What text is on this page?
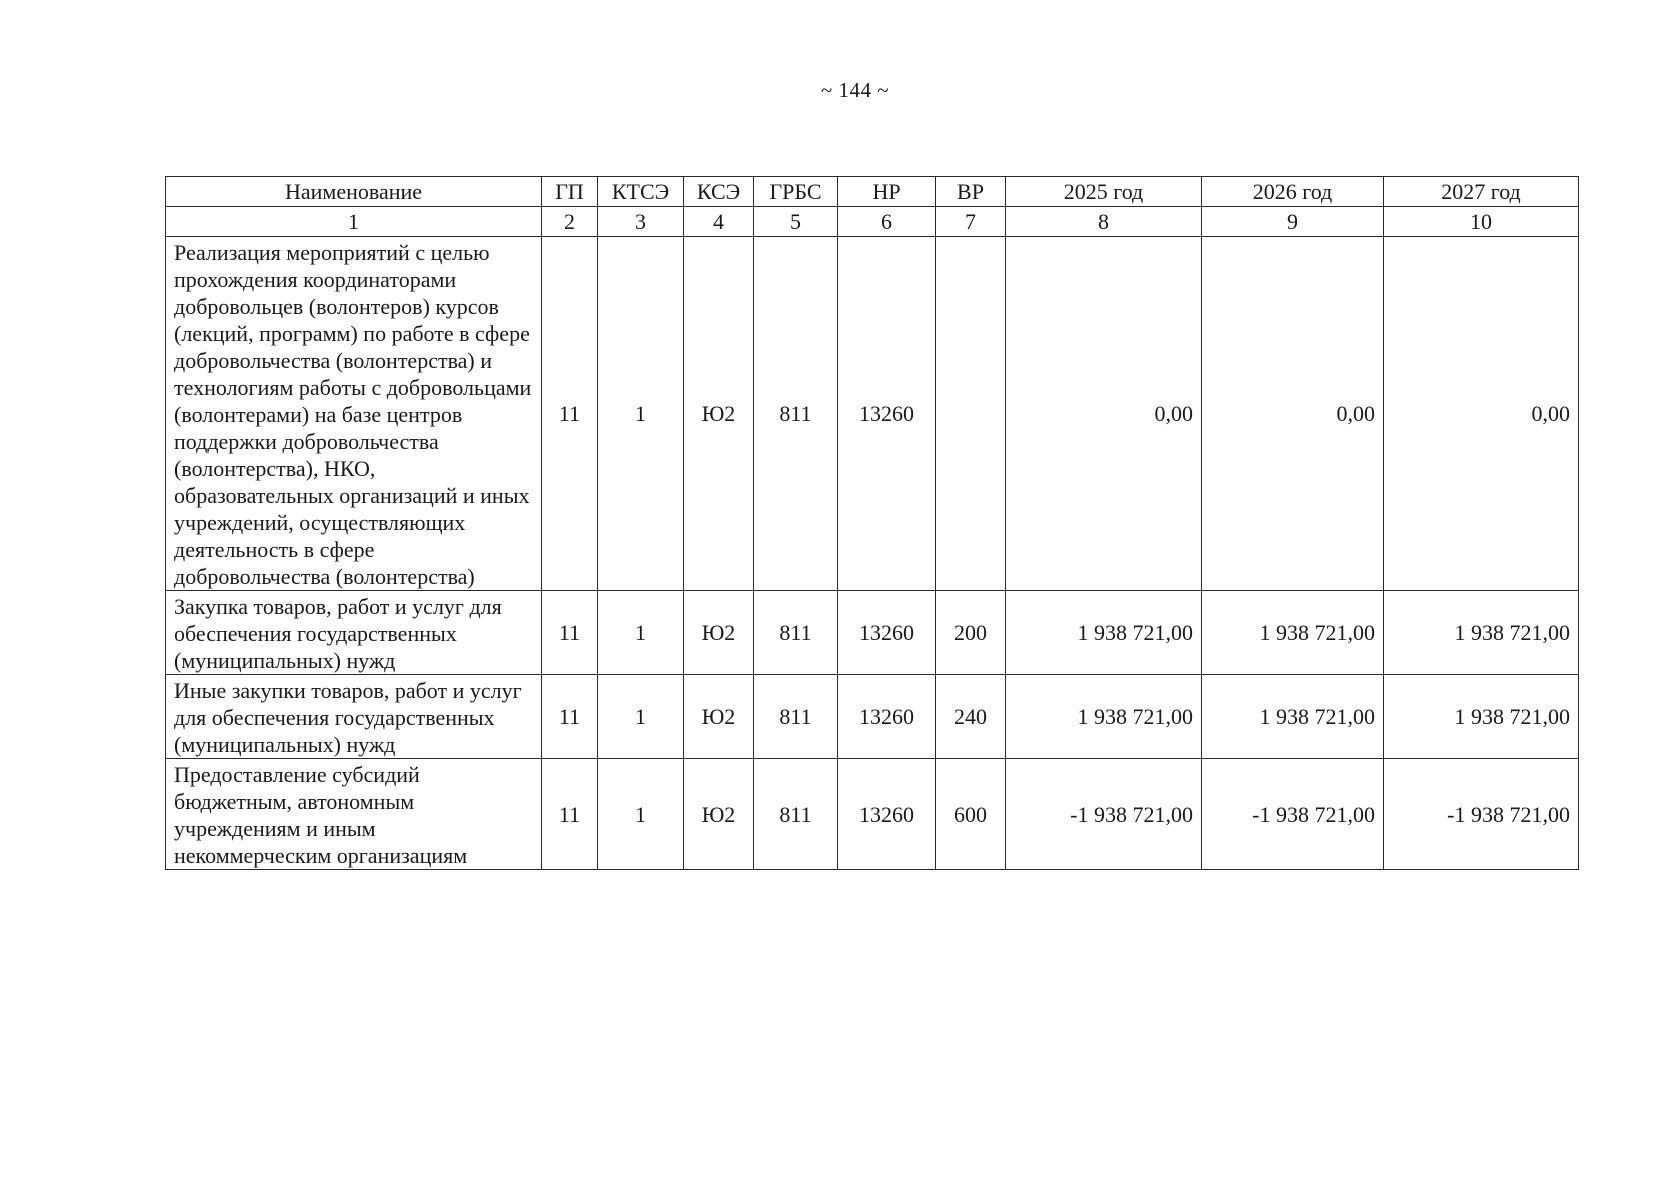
~ 144 ~
Наименование	ГП	КТСЭ	КСЭ	ГРБС	НР	ВР	2025 год	2026 год	2027 год
1	2	3	4	5	6	7	8	9	10
Реализация мероприятий с целью прохождения координаторами добровольцев (волонтеров) курсов (лекций, программ) по работе в сфере добровольчества (волонтерства) и технологиям работы с добровольцами (волонтерами) на базе центров поддержки добровольчества (волонтерства), НКО, образовательных организаций и иных учреждений, осуществляющих деятельность в сфере добровольчества (волонтерства)	11	1	Ю2	811	13260		0,00	0,00	0,00
Закупка товаров, работ и услуг для обеспечения государственных (муниципальных) нужд	11	1	Ю2	811	13260	200	1 938 721,00	1 938 721,00	1 938 721,00
Иные закупки товаров, работ и услуг для обеспечения государственных (муниципальных) нужд	11	1	Ю2	811	13260	240	1 938 721,00	1 938 721,00	1 938 721,00
Предоставление субсидий бюджетным, автономным учреждениям и иным некоммерческим организациям	11	1	Ю2	811	13260	600	-1 938 721,00	-1 938 721,00	-1 938 721,00
